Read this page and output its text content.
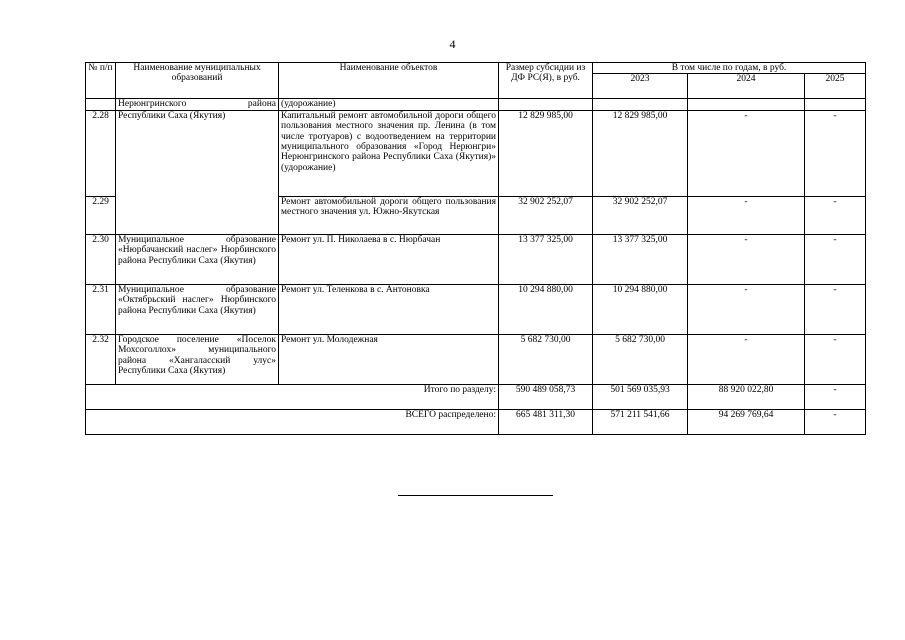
4
№ п/п	Наименование муниципальных образований	Наименование объектов	Размер субсидии из ДФ РС(Я), в руб.	В том числе по годам, в руб.		
				2023	2024	2025
	Нерюнгринского района	(удорожание)				
2.28	Республики Саха (Якутия)	Капитальный ремонт автомобильной дороги общего пользования местного значения пр. Ленина (в том числе тротуаров) с водоотведением на территории муниципального образования «Город Нерюнгри» Нерюнгринского района Республики Саха (Якутия)» (удорожание)	12 829 985,00	12 829 985,00	-	-
2.29		Ремонт автомобильной дороги общего пользования местного значения ул. Южно-Якутская	32 902 252,07	32 902 252,07	-	-
2.30	Муниципальное образование «Нюрбачанский наслег» Нюрбинского района Республики Саха (Якутия)	Ремонт ул. П. Николаева в с. Нюрбачан	13 377 325,00	13 377 325,00	-	-
2.31	Муниципальное образование «Октябрьский наслег» Нюрбинского района Республики Саха (Якутия)	Ремонт ул. Теленкова в с. Антоновка	10 294 880,00	10 294 880,00	-	-
2.32	Городское поселение «Поселок Мохсоголлох» муниципального района «Хангаласский улус» Республики Саха (Якутия)	Ремонт ул. Молодежная	5 682 730,00	5 682 730,00	-	-
Итого по разделу:			590 489 058,73	501 569 035,93	88 920 022,80	-
ВСЕГО распределено:			665 481 311,30	571 211 541,66	94 269 769,64	-
